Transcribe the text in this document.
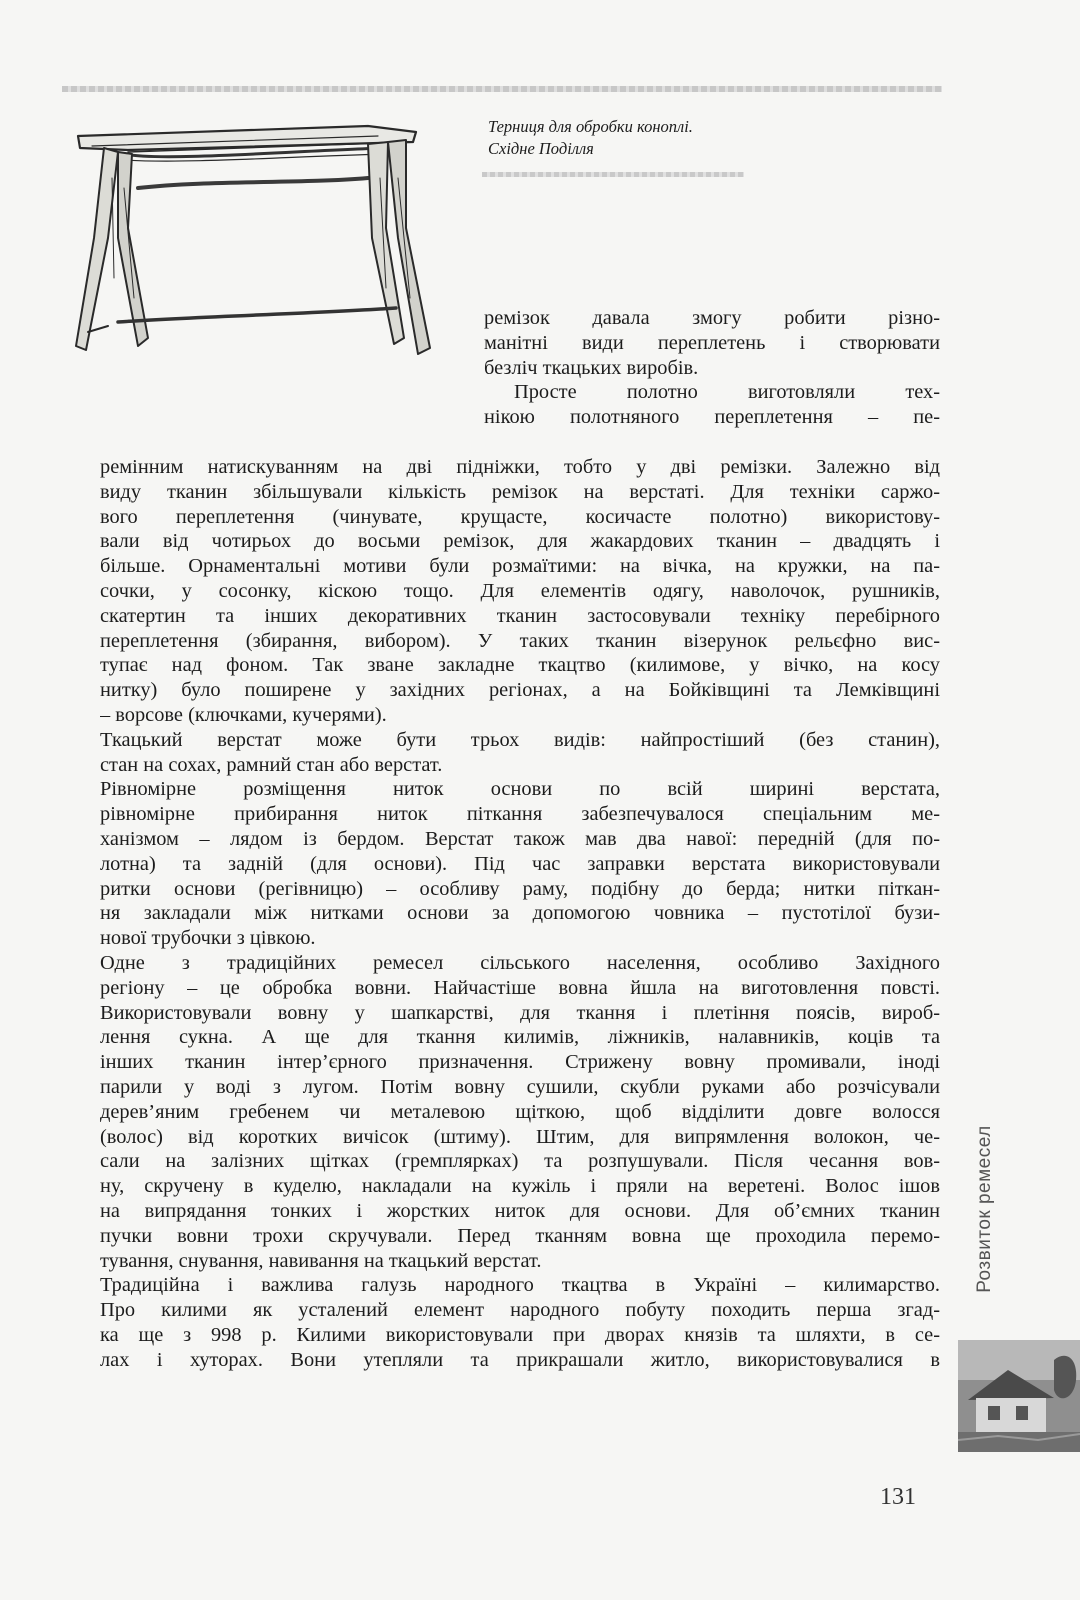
Терниця для обробки коноплі.
Східне Поділля
ремізок давала змогу робити різно-
манітні види переплетень і створювати
безліч ткацьких виробів.
Просте полотно виготовляли тех-
нікою полотняного переплетення – пе-
ремінним натискуванням на дві підніжки, тобто у дві ремізки. Залежно від
виду тканин збільшували кількість ремізок на верстаті. Для техніки саржо-
вого переплетення (чинувате, крущасте, косичасте полотно) використову-
вали від чотирьох до восьми ремізок, для жакардових тканин – двадцять і
більше. Орнаментальні мотиви були розмаїтими: на вічка, на кружки, на па-
сочки, у сосонку, кіскою тощо. Для елементів одягу, наволочок, рушників,
скатертин та інших декоративних тканин застосовували техніку перебірного
переплетення (збирання, вибором). У таких тканин візерунок рельєфно вис-
тупає над фоном. Так зване закладне ткацтво (килимове, у вічко, на косу
нитку) було поширене у західних регіонах, а на Бойківщині та Лемківщині
– ворсове (ключками, кучерями).
Ткацький верстат може бути трьох видів: найпростіший (без станин),
стан на сохах, рамний стан або верстат.
Рівномірне розміщення ниток основи по всій ширині верстата,
рівномірне прибирання ниток піткання забезпечувалося спеціальним ме-
ханізмом – лядом із бердом. Верстат також мав два навої: передній (для по-
лотна) та задній (для основи). Під час заправки верстата використовували
ритки основи (регівницю) – особливу раму, подібну до берда; нитки піткан-
ня закладали між нитками основи за допомогою човника – пустотілої бузи-
нової трубочки з цівкою.
Одне з традиційних ремесел сільського населення, особливо Західного
регіону – це обробка вовни. Найчастіше вовна йшла на виготовлення повсті.
Використовували вовну у шапкарстві, для ткання і плетіння поясів, вироб-
лення сукна. А ще для ткання килимів, ліжників, налавників, коців та
інших тканин інтер’єрного призначення. Стрижену вовну промивали, іноді
парили у воді з лугом. Потім вовну сушили, скубли руками або розчісували
дерев’яним гребенем чи металевою щіткою, щоб відділити довге волосся
(волос) від коротких вичісок (штиму). Штим, для випрямлення волокон, че-
сали на залізних щітках (гремплярках) та розпушували. Після чесання вов-
ну, скручену в куделю, накладали на кужіль і пряли на веретені. Волос ішов
на випрядання тонких і жорстких ниток для основи. Для об’ємних тканин
пучки вовни трохи скручували. Перед тканням вовна ще проходила перемо-
тування, снування, навивання на ткацький верстат.
Традиційна і важлива галузь народного ткацтва в Україні – килимарство.
Про килими як усталений елемент народного побуту походить перша згад-
ка ще з 998 р. Килими використовували при дворах князів та шляхти, в се-
лах і хуторах. Вони утепляли та прикрашали житло, використовувалися в
Розвиток ремесел
131
